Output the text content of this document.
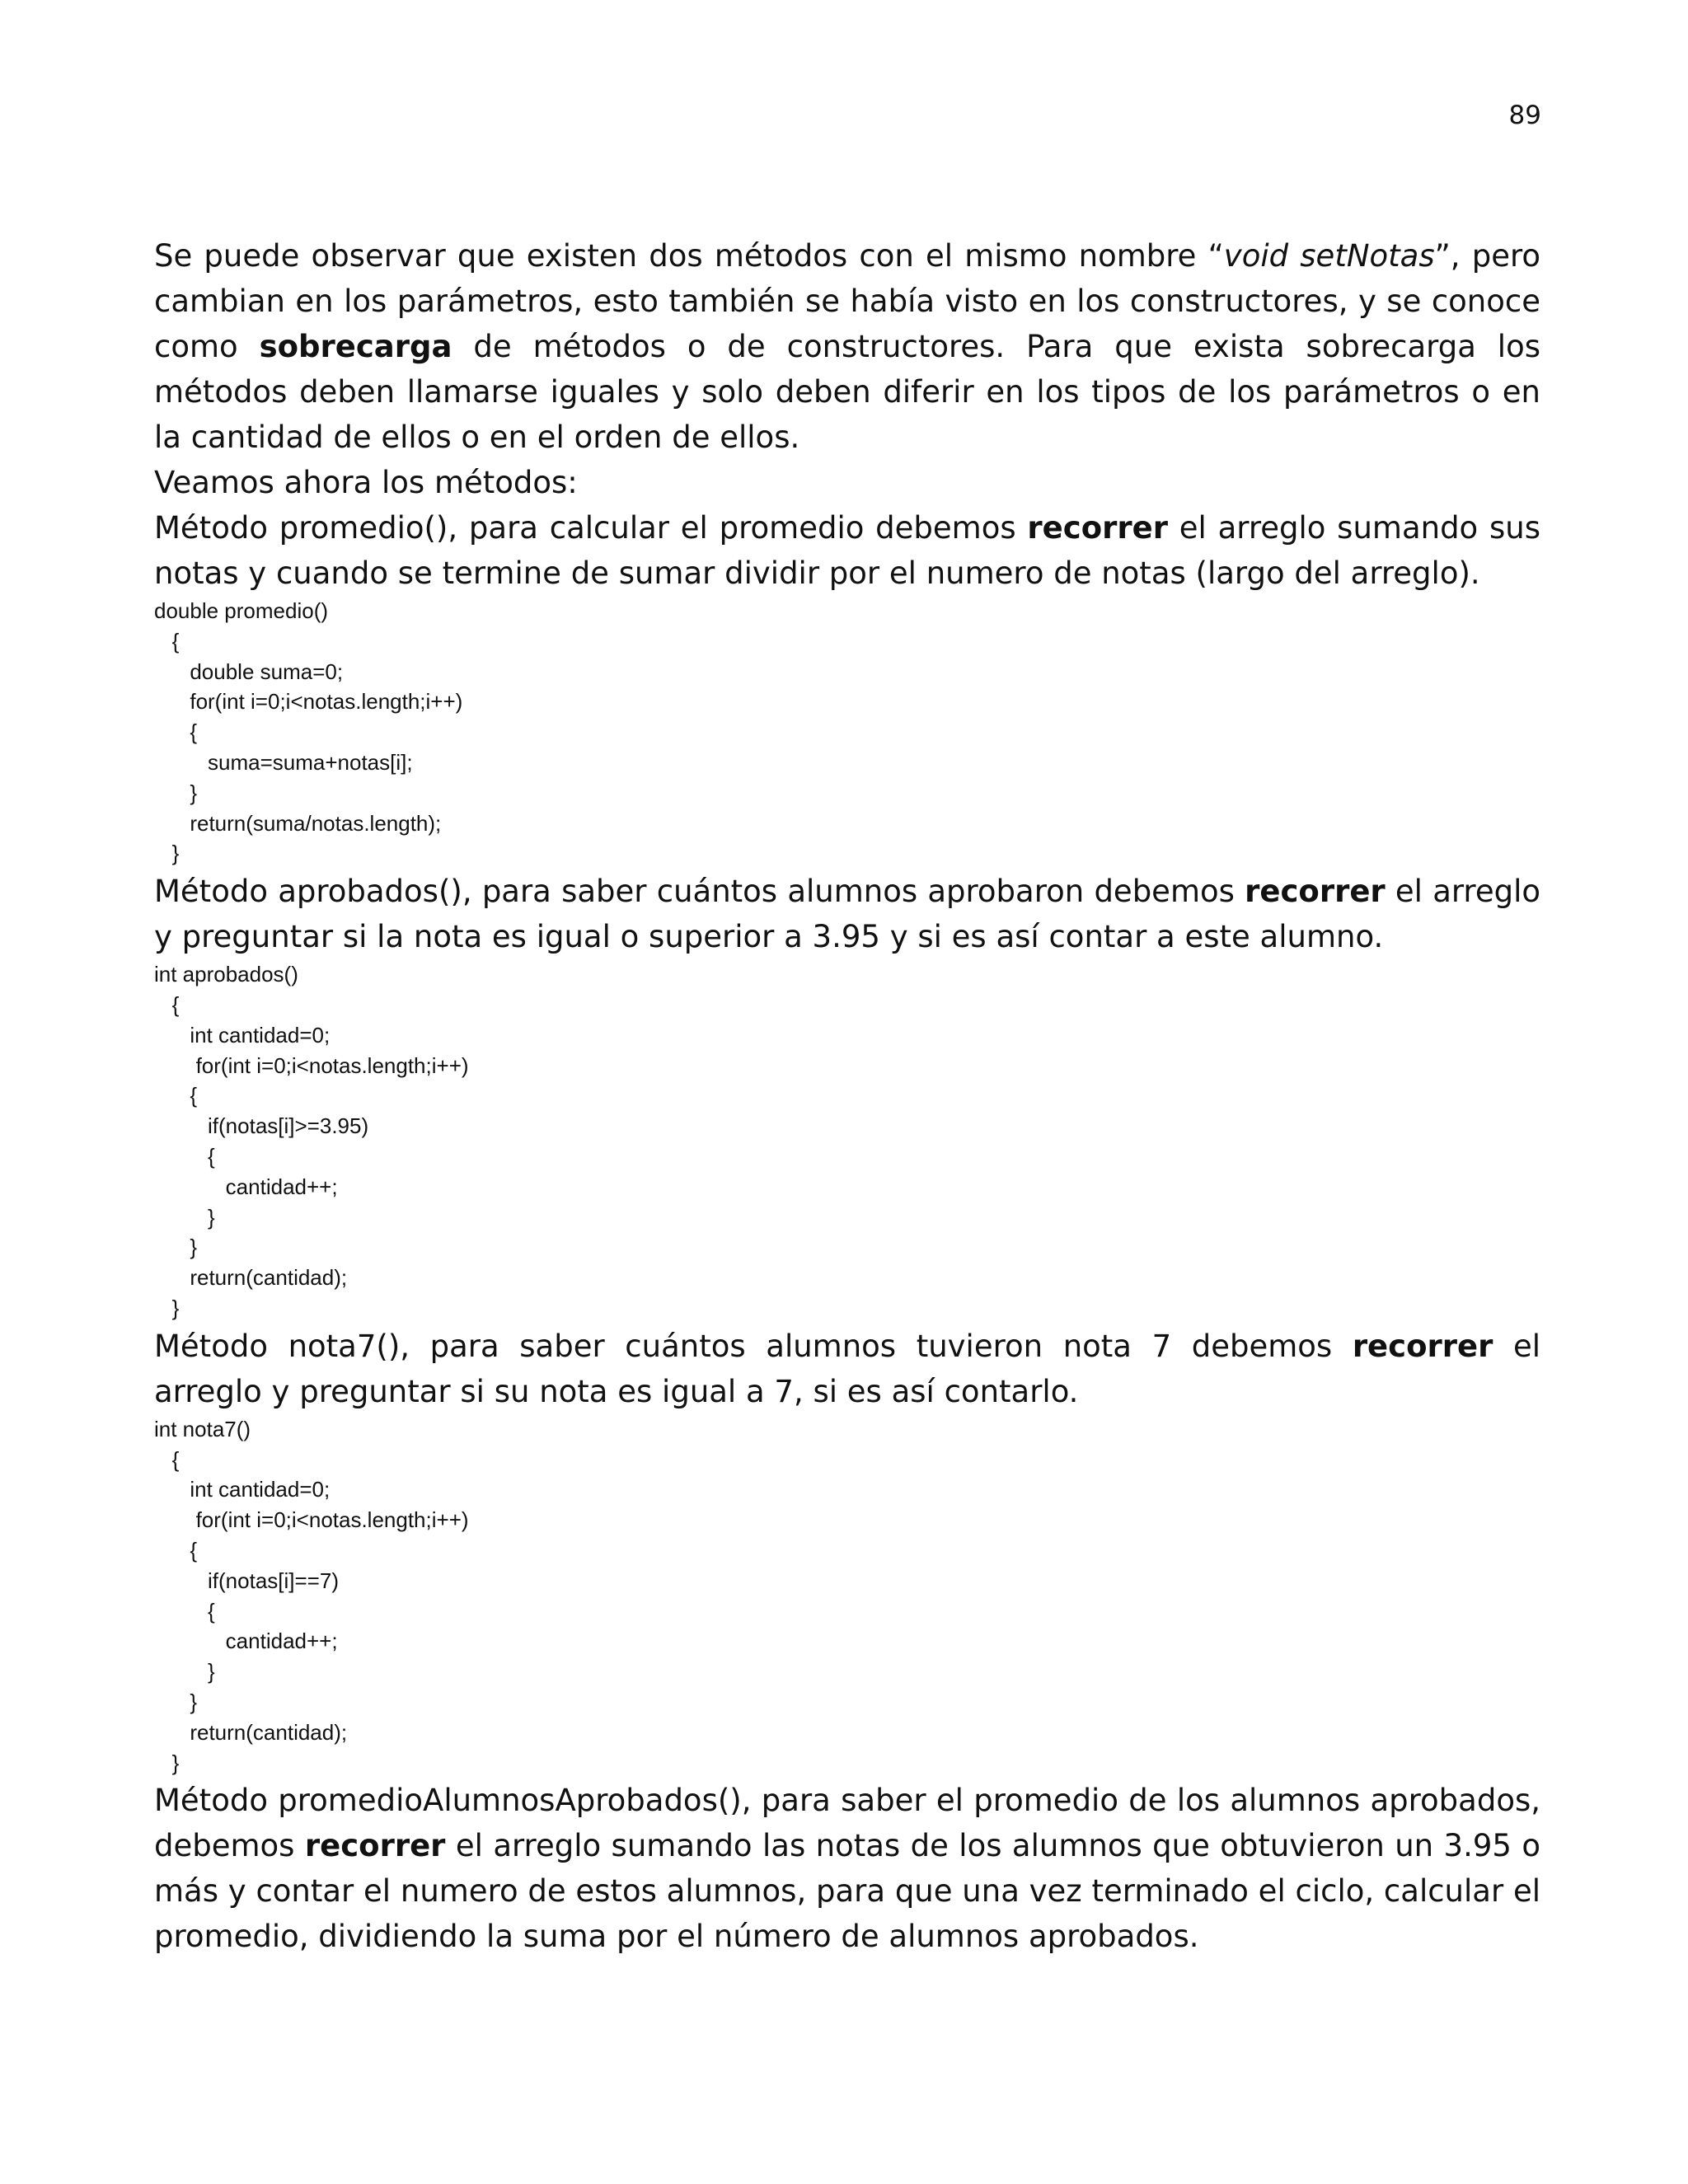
89

Se puede observar que existen dos métodos con el mismo nombre “void setNotas”, pero cambian en los parámetros, esto también se había visto en los constructores, y se conoce como sobrecarga de métodos o de constructores. Para que exista sobrecarga los métodos deben llamarse iguales y solo deben diferir en los tipos de los parámetros o en la cantidad de ellos o en el orden de ellos.

Veamos ahora los métodos:

Método promedio(), para calcular el promedio debemos recorrer el arreglo sumando sus notas y cuando se termine de sumar dividir por el numero de notas (largo del arreglo).

double promedio()
{
double suma=0;
for(int i=0;i<notas.length;i++)
{
suma=suma+notas[i];
}
return(suma/notas.length);
}

Método aprobados(), para saber cuántos alumnos aprobaron debemos recorrer el arreglo y preguntar si la nota es igual o superior a 3.95 y si es así contar a este alumno.

int aprobados()
{
int cantidad=0;
for(int i=0;i<notas.length;i++)
{
if(notas[i]>=3.95)
{
cantidad++;
}
}
return(cantidad);
}

Método nota7(), para saber cuántos alumnos tuvieron nota 7 debemos recorrer el arreglo y preguntar si su nota es igual a 7, si es así contarlo.

int nota7()
{
int cantidad=0;
for(int i=0;i<notas.length;i++)
{
if(notas[i]==7)
{
cantidad++;
}
}
return(cantidad);
}

Método promedioAlumnosAprobados(), para saber el promedio de los alumnos aprobados, debemos recorrer el arreglo sumando las notas de los alumnos que obtuvieron un 3.95 o más y contar el numero de estos alumnos, para que una vez terminado el ciclo, calcular el promedio, dividiendo la suma por el número de alumnos aprobados.
